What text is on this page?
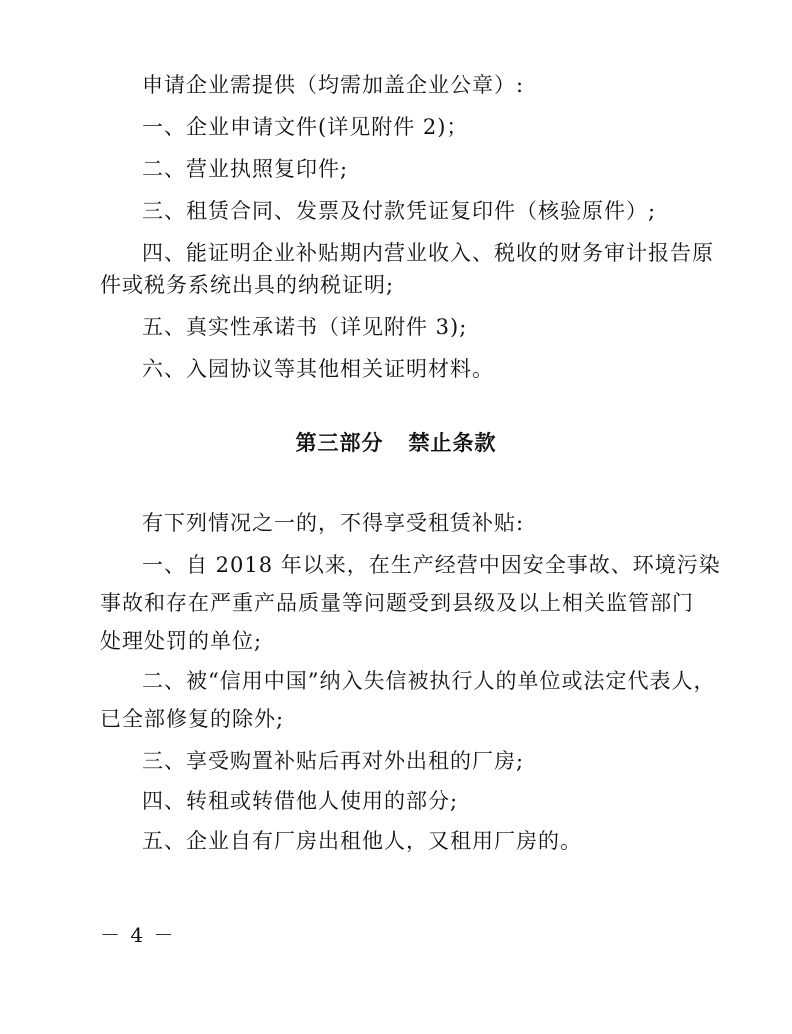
申请企业需提供（均需加盖企业公章）:
一、企业申请文件(详见附件 2)；
二、营业执照复印件;
三、租赁合同、发票及付款凭证复印件（核验原件）;
四、能证明企业补贴期内营业收入、税收的财务审计报告原
件或税务系统出具的纳税证明;
五、真实性承诺书（详见附件 3);
六、入园协议等其他相关证明材料。
第三部分   禁止条款
有下列情况之一的，不得享受租赁补贴:
一、自 2018 年以来，在生产经营中因安全事故、环境污染
事故和存在严重产品质量等问题受到县级及以上相关监管部门
处理处罚的单位;
二、被“信用中国”纳入失信被执行人的单位或法定代表人，
已全部修复的除外;
三、享受购置补贴后再对外出租的厂房;
四、转租或转借他人使用的部分;
五、企业自有厂房出租他人，又租用厂房的。
－ 4 －
